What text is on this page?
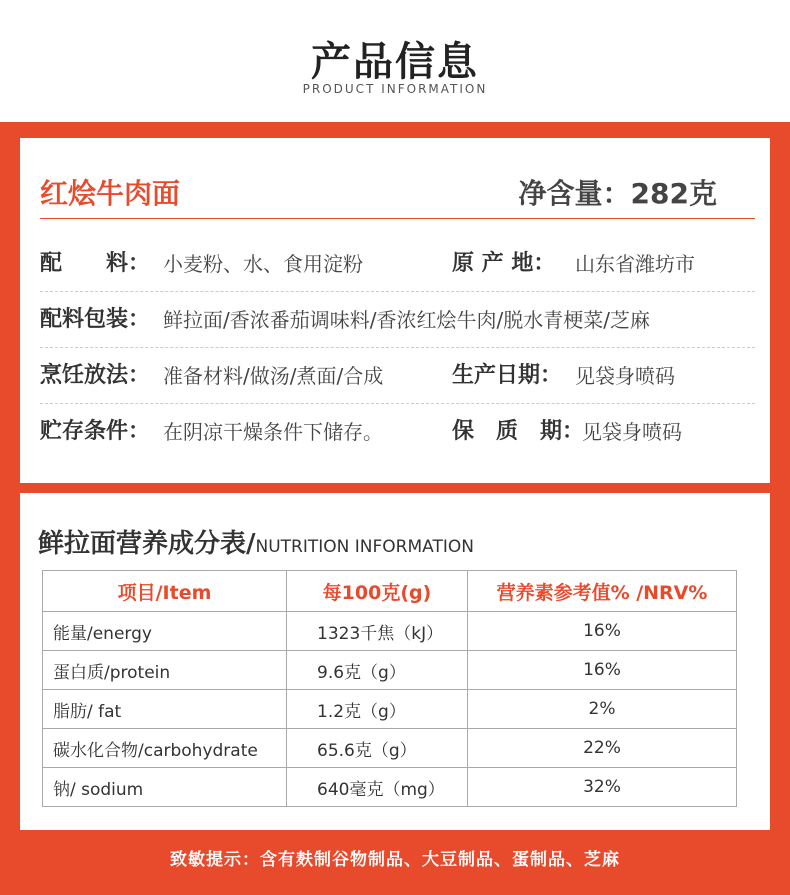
产品信息
PRODUCT INFORMATION
红烩牛肉面	净含量：282克
配　　料： 小麦粉、水、食用淀粉	原 产 地： 山东省潍坊市
配料包装： 鲜拉面/香浓番茄调味料/香浓红烩牛肉/脱水青梗菜/芝麻
烹饪放法： 准备材料/做汤/煮面/合成	生产日期： 见袋身喷码
贮存条件： 在阴凉干燥条件下储存。	保　质　期：
见袋身喷码
鲜拉面营养成分表/NUTRITION INFORMATION
项目/Item	每100克(g)	营养素参考值% /NRV%
能量/energy	1323千焦（kJ）	16%
蛋白质/protein	9.6克（g）	16%
脂肪/ fat	1.2克（g）	2%
碳水化合物/carbohydrate	65.6克（g）	22%
钠/ sodium	640毫克（mg）	32%
致敏提示：含有麸制谷物制品、大豆制品、蛋制品、芝麻
